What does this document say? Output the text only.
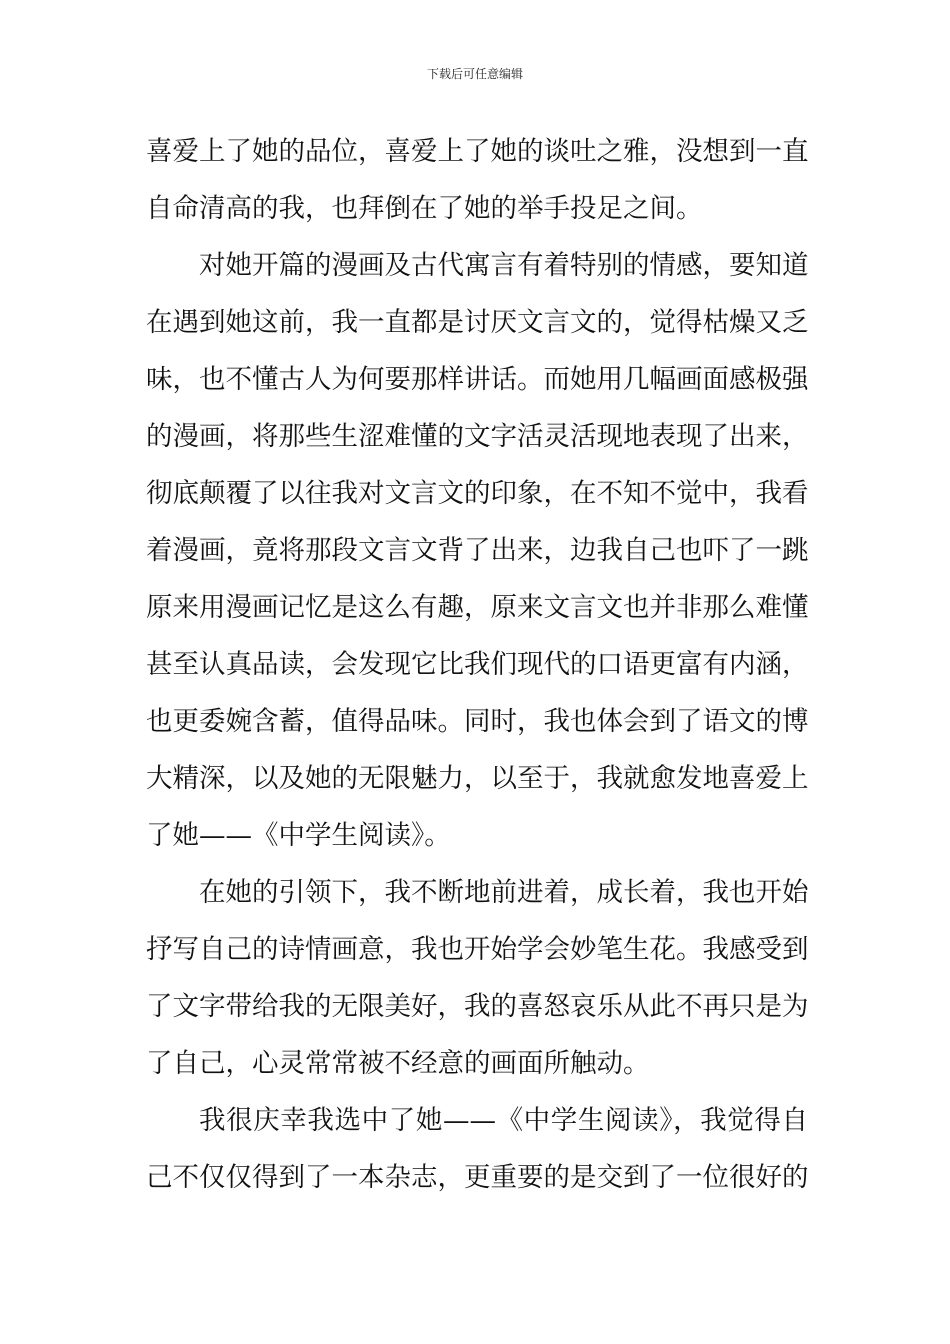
下载后可任意编辑
喜爱上了她的品位，喜爱上了她的谈吐之雅，没想到一直
自命清高的我，也拜倒在了她的举手投足之间。
对她开篇的漫画及古代寓言有着特别的情感，要知道
在遇到她这前，我一直都是讨厌文言文的，觉得枯燥又乏
味，也不懂古人为何要那样讲话。而她用几幅画面感极强
的漫画，将那些生涩难懂的文字活灵活现地表现了出来，
彻底颠覆了以往我对文言文的印象，在不知不觉中，我看
着漫画，竟将那段文言文背了出来，边我自己也吓了一跳
原来用漫画记忆是这么有趣，原来文言文也并非那么难懂
甚至认真品读，会发现它比我们现代的口语更富有内涵，
也更委婉含蓄，值得品味。同时，我也体会到了语文的博
大精深，以及她的无限魅力，以至于，我就愈发地喜爱上
了她——《中学生阅读》。
在她的引领下，我不断地前进着，成长着，我也开始
抒写自己的诗情画意，我也开始学会妙笔生花。我感受到
了文字带给我的无限美好，我的喜怒哀乐从此不再只是为
了自己，心灵常常被不经意的画面所触动。
我很庆幸我选中了她——《中学生阅读》，我觉得自
己不仅仅得到了一本杂志，更重要的是交到了一位很好的
